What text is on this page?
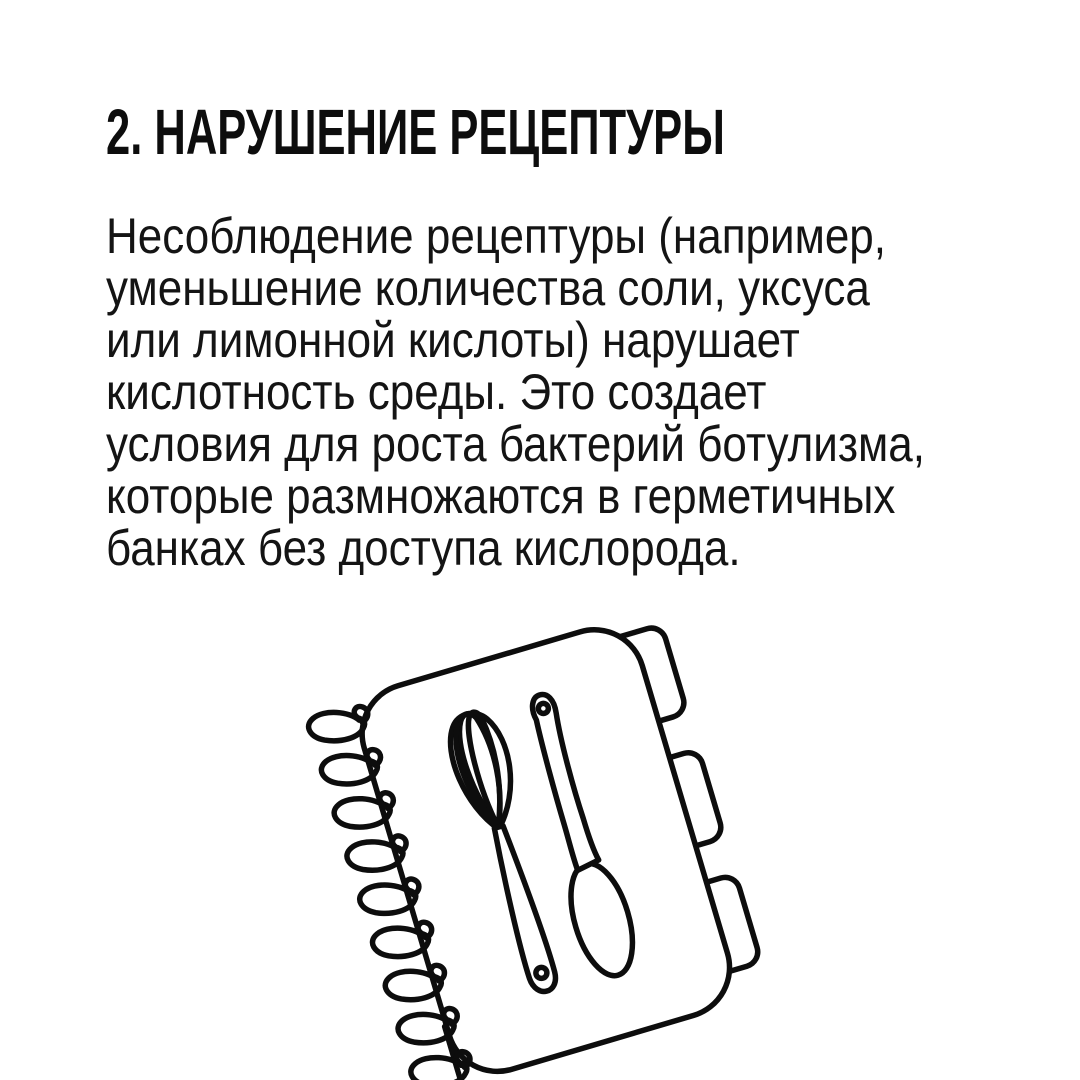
2. НАРУШЕНИЕ РЕЦЕПТУРЫ
Несоблюдение рецептуры (например,
уменьшение количества соли, уксуса
или лимонной кислоты) нарушает
кислотность среды. Это создает
условия для роста бактерий ботулизма,
которые размножаются в герметичных
банках без доступа кислорода.
